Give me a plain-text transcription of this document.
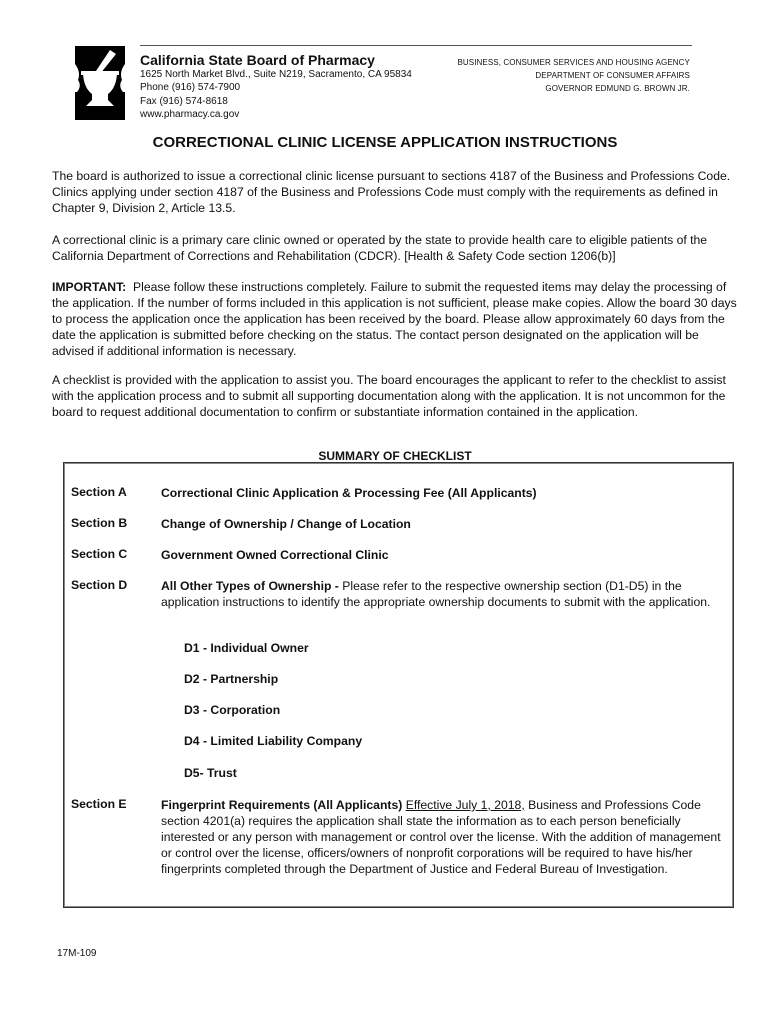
California State Board of Pharmacy
1625 North Market Blvd., Suite N219, Sacramento, CA 95834
Phone (916) 574-7900
Fax (916) 574-8618
www.pharmacy.ca.gov
BUSINESS, CONSUMER SERVICES AND HOUSING AGENCY
DEPARTMENT OF CONSUMER AFFAIRS
GOVERNOR EDMUND G. BROWN JR.
CORRECTIONAL CLINIC LICENSE APPLICATION INSTRUCTIONS
The board is authorized to issue a correctional clinic license pursuant to sections 4187 of the Business and Professions Code. Clinics applying under section 4187 of the Business and Professions Code must comply with the requirements as defined in Chapter 9, Division 2, Article 13.5.
A correctional clinic is a primary care clinic owned or operated by the state to provide health care to eligible patients of the California Department of Corrections and Rehabilitation (CDCR). [Health & Safety Code section 1206(b)]
IMPORTANT: Please follow these instructions completely. Failure to submit the requested items may delay the processing of the application. If the number of forms included in this application is not sufficient, please make copies. Allow the board 30 days to process the application once the application has been received by the board. Please allow approximately 60 days from the date the application is submitted before checking on the status. The contact person designated on the application will be advised if additional information is necessary.
A checklist is provided with the application to assist you. The board encourages the applicant to refer to the checklist to assist with the application process and to submit all supporting documentation along with the application. It is not uncommon for the board to request additional documentation to confirm or substantiate information contained in the application.
SUMMARY OF CHECKLIST
Section A	Correctional Clinic Application & Processing Fee (All Applicants)
Section B	Change of Ownership / Change of Location
Section C	Government Owned Correctional Clinic
Section D	All Other Types of Ownership - Please refer to the respective ownership section (D1-D5) in the application instructions to identify the appropriate ownership documents to submit with the application.
D1 - Individual Owner
D2 - Partnership
D3 - Corporation
D4 - Limited Liability Company
D5- Trust
Section E	Fingerprint Requirements (All Applicants) Effective July 1, 2018, Business and Professions Code section 4201(a) requires the application shall state the information as to each person beneficially interested or any person with management or control over the license. With the addition of management or control over the license, officers/owners of nonprofit corporations will be required to have his/her fingerprints completed through the Department of Justice and Federal Bureau of Investigation.
17M-109
